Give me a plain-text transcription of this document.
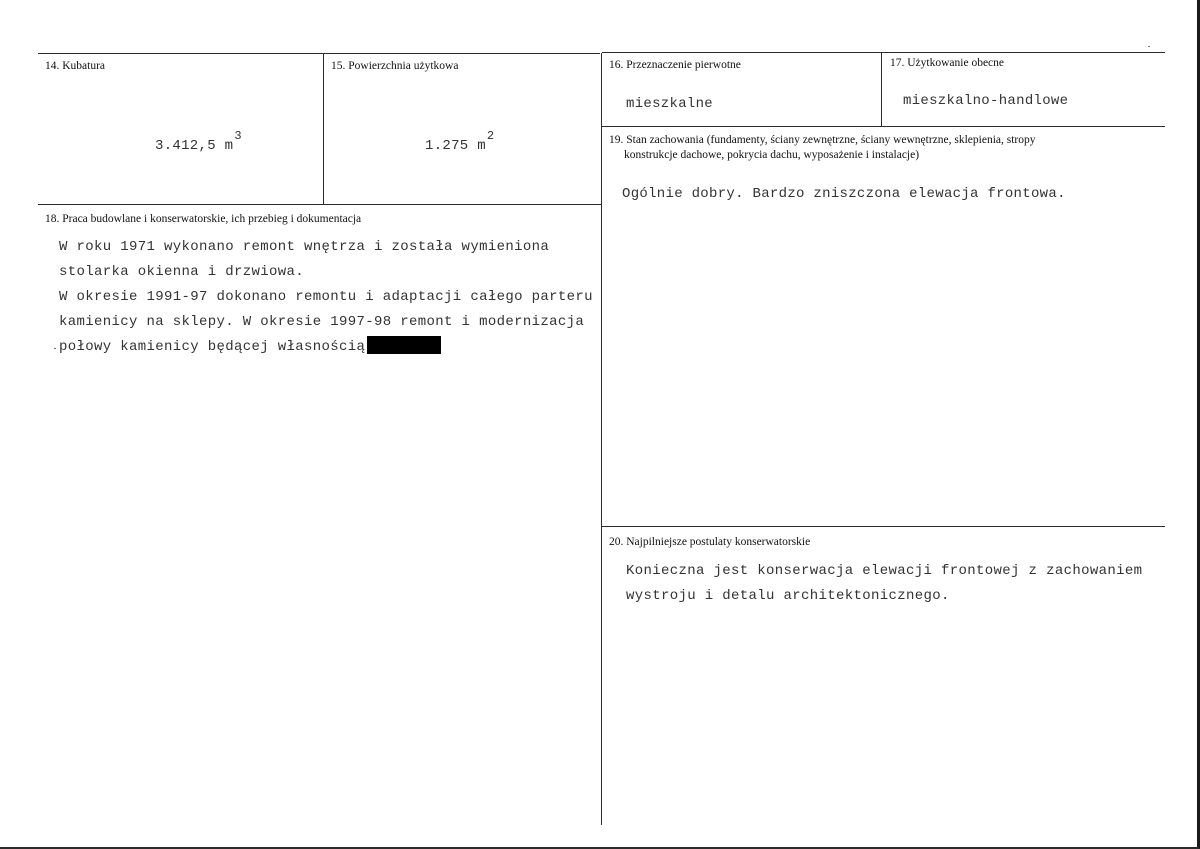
14. Kubatura
3.412,5 m3
15. Powierzchnia użytkowa
1.275 m2
16. Przeznaczenie pierwotne
mieszkalne
17. Użytkowanie obecne
mieszkalno-handlowe
19. Stan zachowania (fundamenty, ściany zewnętrzne, ściany wewnętrzne, sklepienia, stropy
konstrukcje dachowe, pokrycia dachu, wyposażenie i instalacje)
Ogólnie dobry. Bardzo zniszczona elewacja frontowa.
18. Praca budowlane i konserwatorskie, ich przebieg i dokumentacja
W roku 1971 wykonano remont wnętrza i została wymieniona
stolarka okienna i drzwiowa.
W okresie 1991-97 dokonano remontu i adaptacji całego parteru
kamienicy na sklepy. W okresie 1997-98 remont i modernizacja
połowy kamienicy będącej własnością
20. Najpilniejsze postulaty konserwatorskie
Konieczna jest konserwacja elewacji frontowej z zachowaniem
wystroju i detalu architektonicznego.
